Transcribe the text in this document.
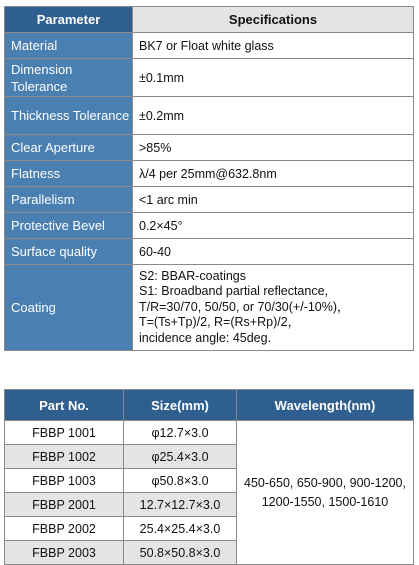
Parameter	Specifications
Material	BK7 or Float white glass
Dimension Tolerance	±0.1mm
Thickness Tolerance	±0.2mm
Clear Aperture	>85%
Flatness	λ/4 per 25mm@632.8nm
Parallelism	<1 arc min
Protective Bevel	0.2×45°
Surface quality	60-40
Coating	S2: BBAR-coatings
S1: Broadband partial reflectance,
T/R=30/70, 50/50, or 70/30(+/-10%)，
T=(Ts+Tp)/2, R=(Rs+Rp)/2，
incidence angle: 45deg.
Part No.	Size(mm)	Wavelength(nm)
FBBP 1001	φ12.7×3.0	450-650, 650-900, 900-1200,
1200-1550, 1500-1610

FBBP 1002	φ25.4×3.0	
FBBP 1003	φ50.8×3.0	
FBBP 2001	12.7×12.7×3.0	
FBBP 2002	25.4×25.4×3.0	
FBBP 2003	50.8×50.8×3.0	
